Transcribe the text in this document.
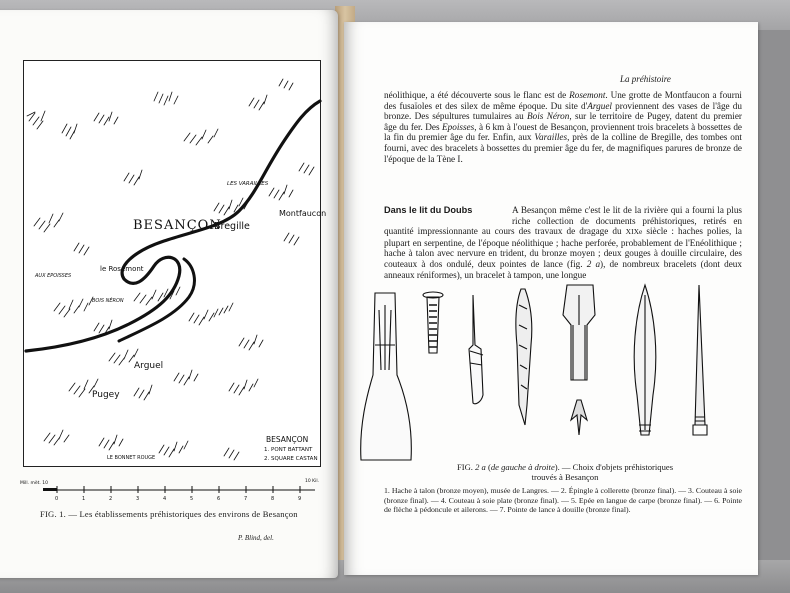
BESANÇON
Bregille
Montfaucon
LES VARAILLES
le Rosemont
AUX EPOISSES
BOIS NÉRON
Arguel
Pugey
LE BONNET ROUGE
BESANÇON
1. PONT BATTANT
2. SQUARE CASTAN
Mill. mèt. 10
0	1	2	3	4	5	6	7	8	9
10 Kil.
FIG. 1. — Les établissements préhistoriques des environs de Besançon
P. Blind, del.
La préhistoire

néolithique, a été découverte sous le flanc est de Rosemont. Une grotte de Montfaucon a fourni des fusaïoles et des silex de même époque. Du site d'Arguel proviennent des vases de l'âge du bronze. Des sépultures tumulaires au Bois Néron, sur le territoire de Pugey, datent du premier âge du fer. Des Epoisses, à 6 km à l'ouest de Besançon, proviennent trois bracelets à bossettes de la fin du premier âge du fer. Enfin, aux Varailles, près de la colline de Bregille, des tombes ont fourni, avec des bracelets à bossettes du premier âge du fer, de magnifiques parures de bronze de l'époque de la Tène I.

Dans le lit du Doubs	A Besançon même c'est le lit de la rivière qui a fourni la plus riche collection de documents préhistoriques, retirés en quantité impressionnante au cours des travaux de dragage du XIXe siècle : haches polies, la plupart en serpentine, de l'époque néolithique ; hache perforée, probablement de l'Enéolithique ; hache à talon avec nervure en trident, du bronze moyen ; deux gouges à douille circulaire, des couteaux à dos ondulé, deux pointes de lance (fig. 2 a), de nombreux bracelets (dont deux anneaux réniformes), un bracelet à tampon, une longue
FIG. 2 a (de gauche à droite). — Choix d'objets préhistoriques
trouvés à Besançon
1. Hache à talon (bronze moyen), musée de Langres. — 2. Épingle à collerette (bronze final). — 3. Couteau à soie (bronze final). — 4. Couteau à soie plate (bronze final). — 5. Epée en langue de carpe (bronze final). — 6. Pointe de flèche à pédoncule et ailerons. — 7. Pointe de lance à douille (bronze final).
